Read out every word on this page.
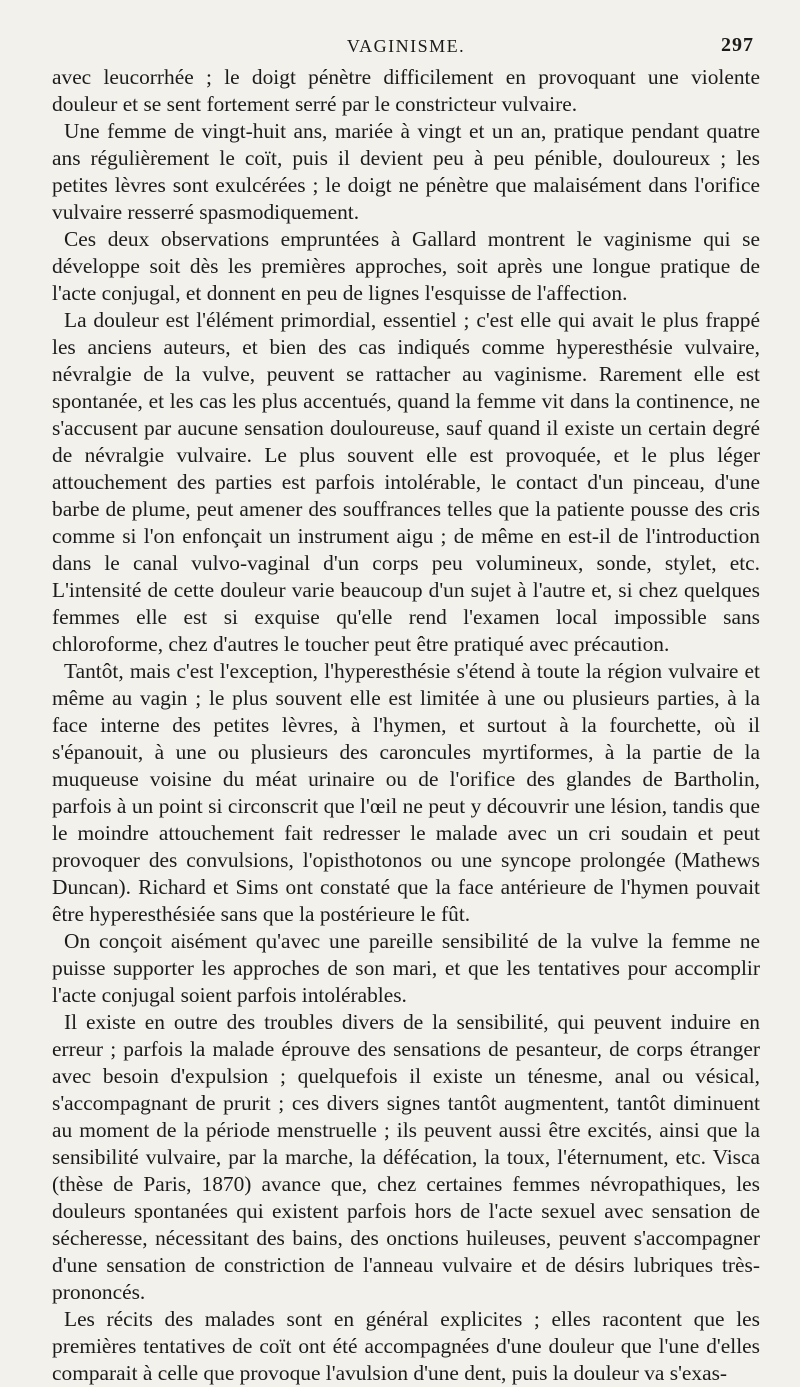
VAGINISME.	297

avec leucorrhée ; le doigt pénètre difficilement en provoquant une violente douleur et se sent fortement serré par le constricteur vulvaire.

Une femme de vingt-huit ans, mariée à vingt et un an, pratique pendant quatre ans régulièrement le coït, puis il devient peu à peu pénible, douloureux ; les petites lèvres sont exulcérées ; le doigt ne pénètre que malaisément dans l'orifice vulvaire resserré spasmodiquement.

Ces deux observations empruntées à Gallard montrent le vaginisme qui se développe soit dès les premières approches, soit après une longue pratique de l'acte conjugal, et donnent en peu de lignes l'esquisse de l'affection.

La douleur est l'élément primordial, essentiel ; c'est elle qui avait le plus frappé les anciens auteurs, et bien des cas indiqués comme hyperesthésie vulvaire, névralgie de la vulve, peuvent se rattacher au vaginisme. Rarement elle est spontanée, et les cas les plus accentués, quand la femme vit dans la continence, ne s'accusent par aucune sensation douloureuse, sauf quand il existe un certain degré de névralgie vulvaire. Le plus souvent elle est provoquée, et le plus léger attouchement des parties est parfois intolérable, le contact d'un pinceau, d'une barbe de plume, peut amener des souffrances telles que la patiente pousse des cris comme si l'on enfonçait un instrument aigu ; de même en est-il de l'introduction dans le canal vulvo-vaginal d'un corps peu volumineux, sonde, stylet, etc. L'intensité de cette douleur varie beaucoup d'un sujet à l'autre et, si chez quelques femmes elle est si exquise qu'elle rend l'examen local impossible sans chloroforme, chez d'autres le toucher peut être pratiqué avec précaution.

Tantôt, mais c'est l'exception, l'hyperesthésie s'étend à toute la région vulvaire et même au vagin ; le plus souvent elle est limitée à une ou plusieurs parties, à la face interne des petites lèvres, à l'hymen, et surtout à la fourchette, où il s'épanouit, à une ou plusieurs des caroncules myrtiformes, à la partie de la muqueuse voisine du méat urinaire ou de l'orifice des glandes de Bartholin, parfois à un point si circonscrit que l'œil ne peut y découvrir une lésion, tandis que le moindre attouchement fait redresser le malade avec un cri soudain et peut provoquer des convulsions, l'opisthotonos ou une syncope prolongée (Mathews Duncan). Richard et Sims ont constaté que la face antérieure de l'hymen pouvait être hyperesthésiée sans que la postérieure le fût.

On conçoit aisément qu'avec une pareille sensibilité de la vulve la femme ne puisse supporter les approches de son mari, et que les tentatives pour accomplir l'acte conjugal soient parfois intolérables.

Il existe en outre des troubles divers de la sensibilité, qui peuvent induire en erreur ; parfois la malade éprouve des sensations de pesanteur, de corps étranger avec besoin d'expulsion ; quelquefois il existe un ténesme, anal ou vésical, s'accompagnant de prurit ; ces divers signes tantôt augmentent, tantôt diminuent au moment de la période menstruelle ; ils peuvent aussi être excités, ainsi que la sensibilité vulvaire, par la marche, la défécation, la toux, l'éternument, etc. Visca (thèse de Paris, 1870) avance que, chez certaines femmes névropathiques, les douleurs spontanées qui existent parfois hors de l'acte sexuel avec sensation de sécheresse, nécessitant des bains, des onctions huileuses, peuvent s'accompagner d'une sensation de constriction de l'anneau vulvaire et de désirs lubriques très-prononcés.

Les récits des malades sont en général explicites ; elles racontent que les premières tentatives de coït ont été accompagnées d'une douleur que l'une d'elles comparait à celle que provoque l'avulsion d'une dent, puis la douleur va s'exas-
